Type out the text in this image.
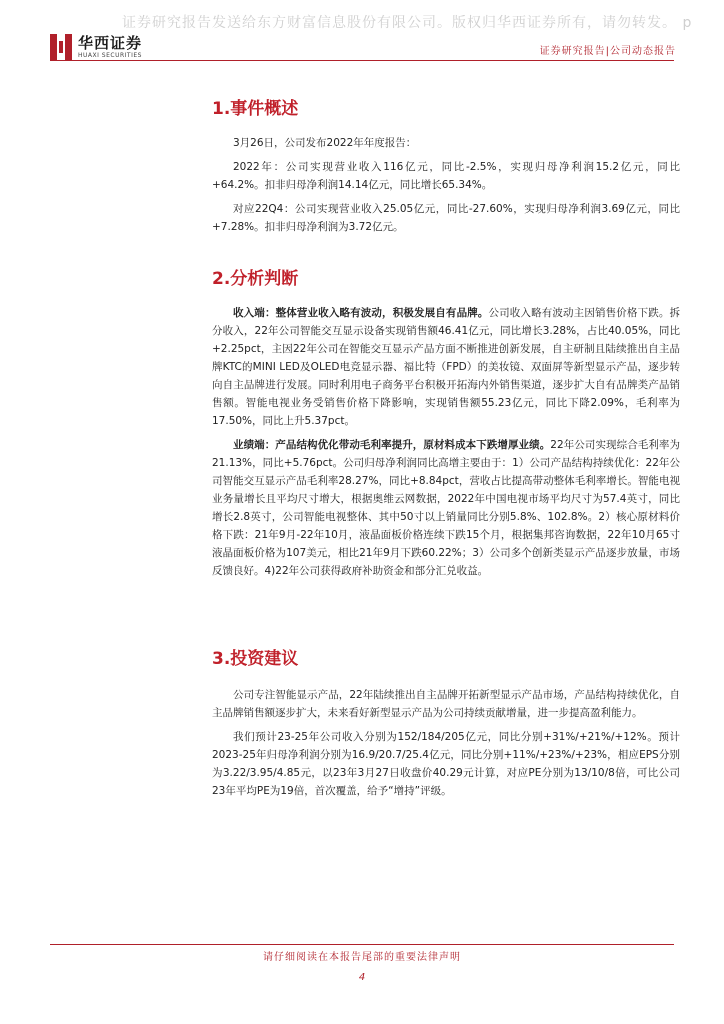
证券研究报告发送给东方财富信息股份有限公司。版权归华西证券所有，请勿转发。 p
华西证券
HUAXI SECURITIES	证券研究报告|公司动态报告
1.事件概述

3月26日，公司发布2022年年度报告：

2022年：公司实现营业收入116亿元，同比-2.5%，实现归母净利润15.2亿元，同比+64.2%。扣非归母净利润14.14亿元，同比增长65.34%。

对应22Q4：公司实现营业收入25.05亿元，同比-27.60%，实现归母净利润3.69亿元，同比+7.28%。扣非归母净利润为3.72亿元。

2.分析判断

收入端：整体营业收入略有波动，积极发展自有品牌。公司收入略有波动主因销售价格下跌。拆分收入，22年公司智能交互显示设备实现销售额46.41亿元，同比增长3.28%，占比40.05%，同比+2.25pct，主因22年公司在智能交互显示产品方面不断推进创新发展，自主研制且陆续推出自主品牌KTC的MINI LED及OLED电竞显示器、福比特（FPD）的美妆镜、双面屏等新型显示产品，逐步转向自主品牌进行发展。同时利用电子商务平台积极开拓海内外销售渠道，逐步扩大自有品牌类产品销售额。智能电视业务受销售价格下降影响，实现销售额55.23亿元，同比下降2.09%，毛利率为17.50%，同比上升5.37pct。

业绩端：产品结构优化带动毛利率提升，原材料成本下跌增厚业绩。22年公司实现综合毛利率为21.13%，同比+5.76pct。公司归母净利润同比高增主要由于：1）公司产品结构持续优化：22年公司智能交互显示产品毛利率28.27%，同比+8.84pct，营收占比提高带动整体毛利率增长。智能电视业务量增长且平均尺寸增大，根据奥维云网数据，2022年中国电视市场平均尺寸为57.4英寸，同比增长2.8英寸，公司智能电视整体、其中50寸以上销量同比分别5.8%、102.8%。2）核心原材料价格下跌：21年9月-22年10月，液晶面板价格连续下跌15个月，根据集邦咨询数据，22年10月65寸液晶面板价格为107美元，相比21年9月下跌60.22%；3）公司多个创新类显示产品逐步放量，市场反馈良好。4)22年公司获得政府补助资金和部分汇兑收益。

3.投资建议

公司专注智能显示产品，22年陆续推出自主品牌开拓新型显示产品市场，产品结构持续优化，自主品牌销售额逐步扩大，未来看好新型显示产品为公司持续贡献增量，进一步提高盈利能力。

我们预计23-25年公司收入分别为152/184/205亿元，同比分别+31%/+21%/+12%。预计2023-25年归母净利润分别为16.9/20.7/25.4亿元，同比分别+11%/+23%/+23%，相应EPS分别为3.22/3.95/4.85元，以23年3月27日收盘价40.29元计算，对应PE分别为13/10/8倍，可比公司23年平均PE为19倍，首次覆盖，给予“增持”评级。

请仔细阅读在本报告尾部的重要法律声明
4
